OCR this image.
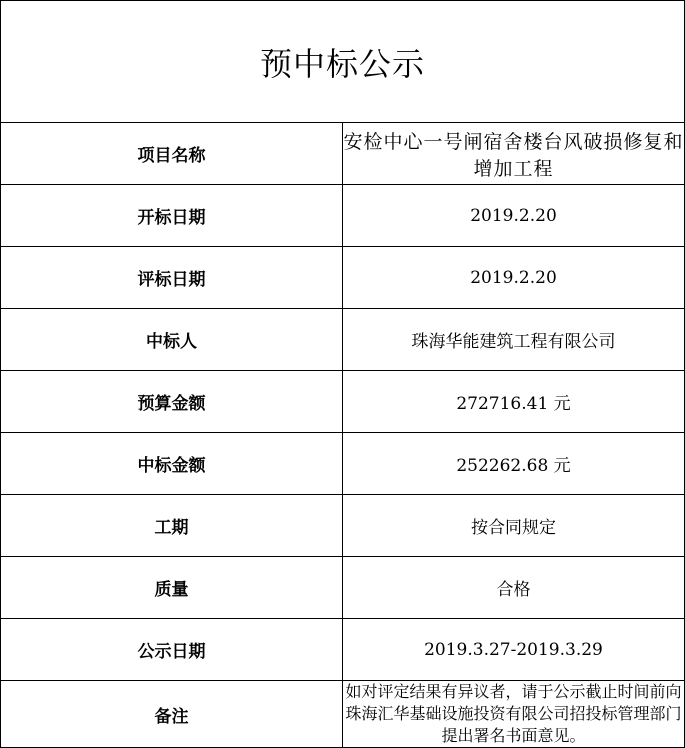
预中标公示	
项目名称	安检中心一号闸宿舍楼台风破损修复和增加工程
开标日期	2019.2.20
评标日期	2019.2.20
中标人	珠海华能建筑工程有限公司
预算金额	272716.41 元
中标金额	252262.68 元
工期	按合同规定
质量	合格
公示日期	2019.3.27-2019.3.29
备注	如对评定结果有异议者，请于公示截止时间前向珠海汇华基础设施投资有限公司招投标管理部门提出署名书面意见。
